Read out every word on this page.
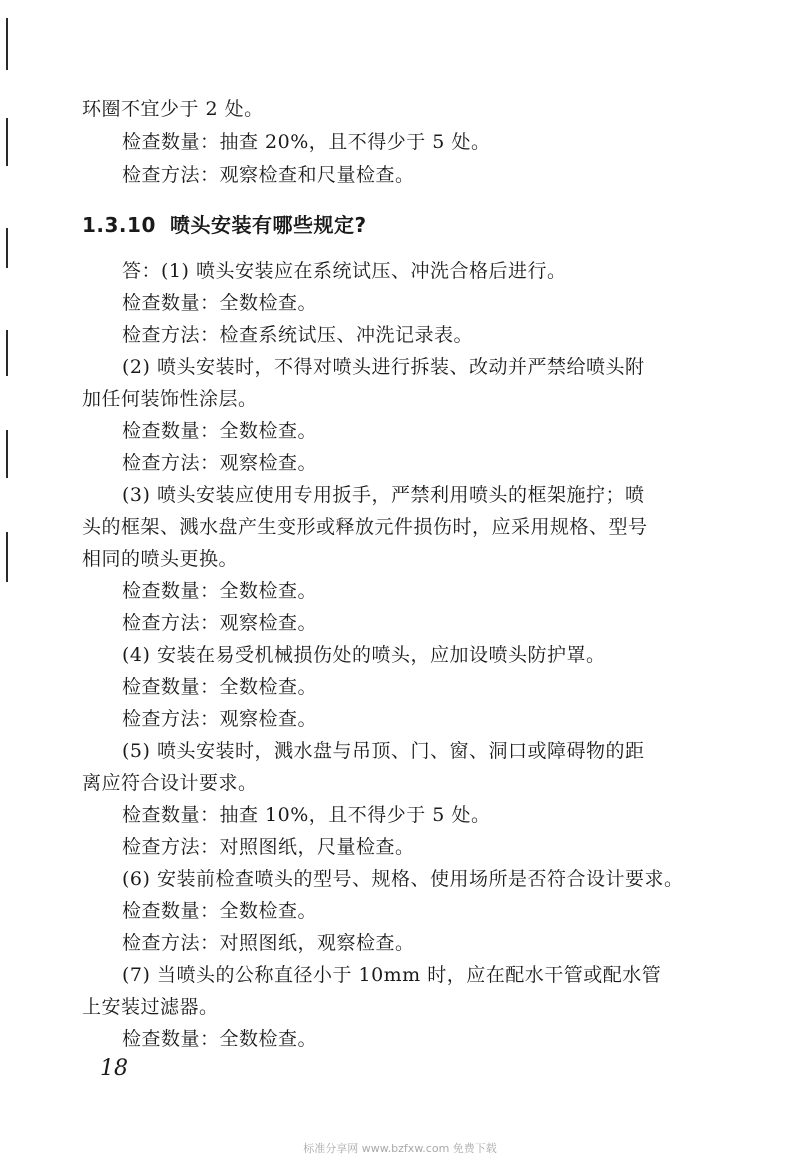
环圈不宜少于 2 处。
检查数量：抽查 20%，且不得少于 5 处。
检查方法：观察检查和尺量检查。
1.3.10 喷头安装有哪些规定?
答：(1) 喷头安装应在系统试压、冲洗合格后进行。
检查数量：全数检查。
检查方法：检查系统试压、冲洗记录表。
(2) 喷头安装时，不得对喷头进行拆装、改动并严禁给喷头附
加任何装饰性涂层。
检查数量：全数检查。
检查方法：观察检查。
(3) 喷头安装应使用专用扳手，严禁利用喷头的框架施拧；喷
头的框架、溅水盘产生变形或释放元件损伤时，应采用规格、型号
相同的喷头更换。
检查数量：全数检查。
检查方法：观察检查。
(4) 安装在易受机械损伤处的喷头，应加设喷头防护罩。
检查数量：全数检查。
检查方法：观察检查。
(5) 喷头安装时，溅水盘与吊顶、门、窗、洞口或障碍物的距
离应符合设计要求。
检查数量：抽查 10%，且不得少于 5 处。
检查方法：对照图纸，尺量检查。
(6) 安装前检查喷头的型号、规格、使用场所是否符合设计要求。
检查数量：全数检查。
检查方法：对照图纸，观察检查。
(7) 当喷头的公称直径小于 10mm 时，应在配水干管或配水管
上安装过滤器。
检查数量：全数检查。
18
标准分享网 www.bzfxw.com 免费下载
